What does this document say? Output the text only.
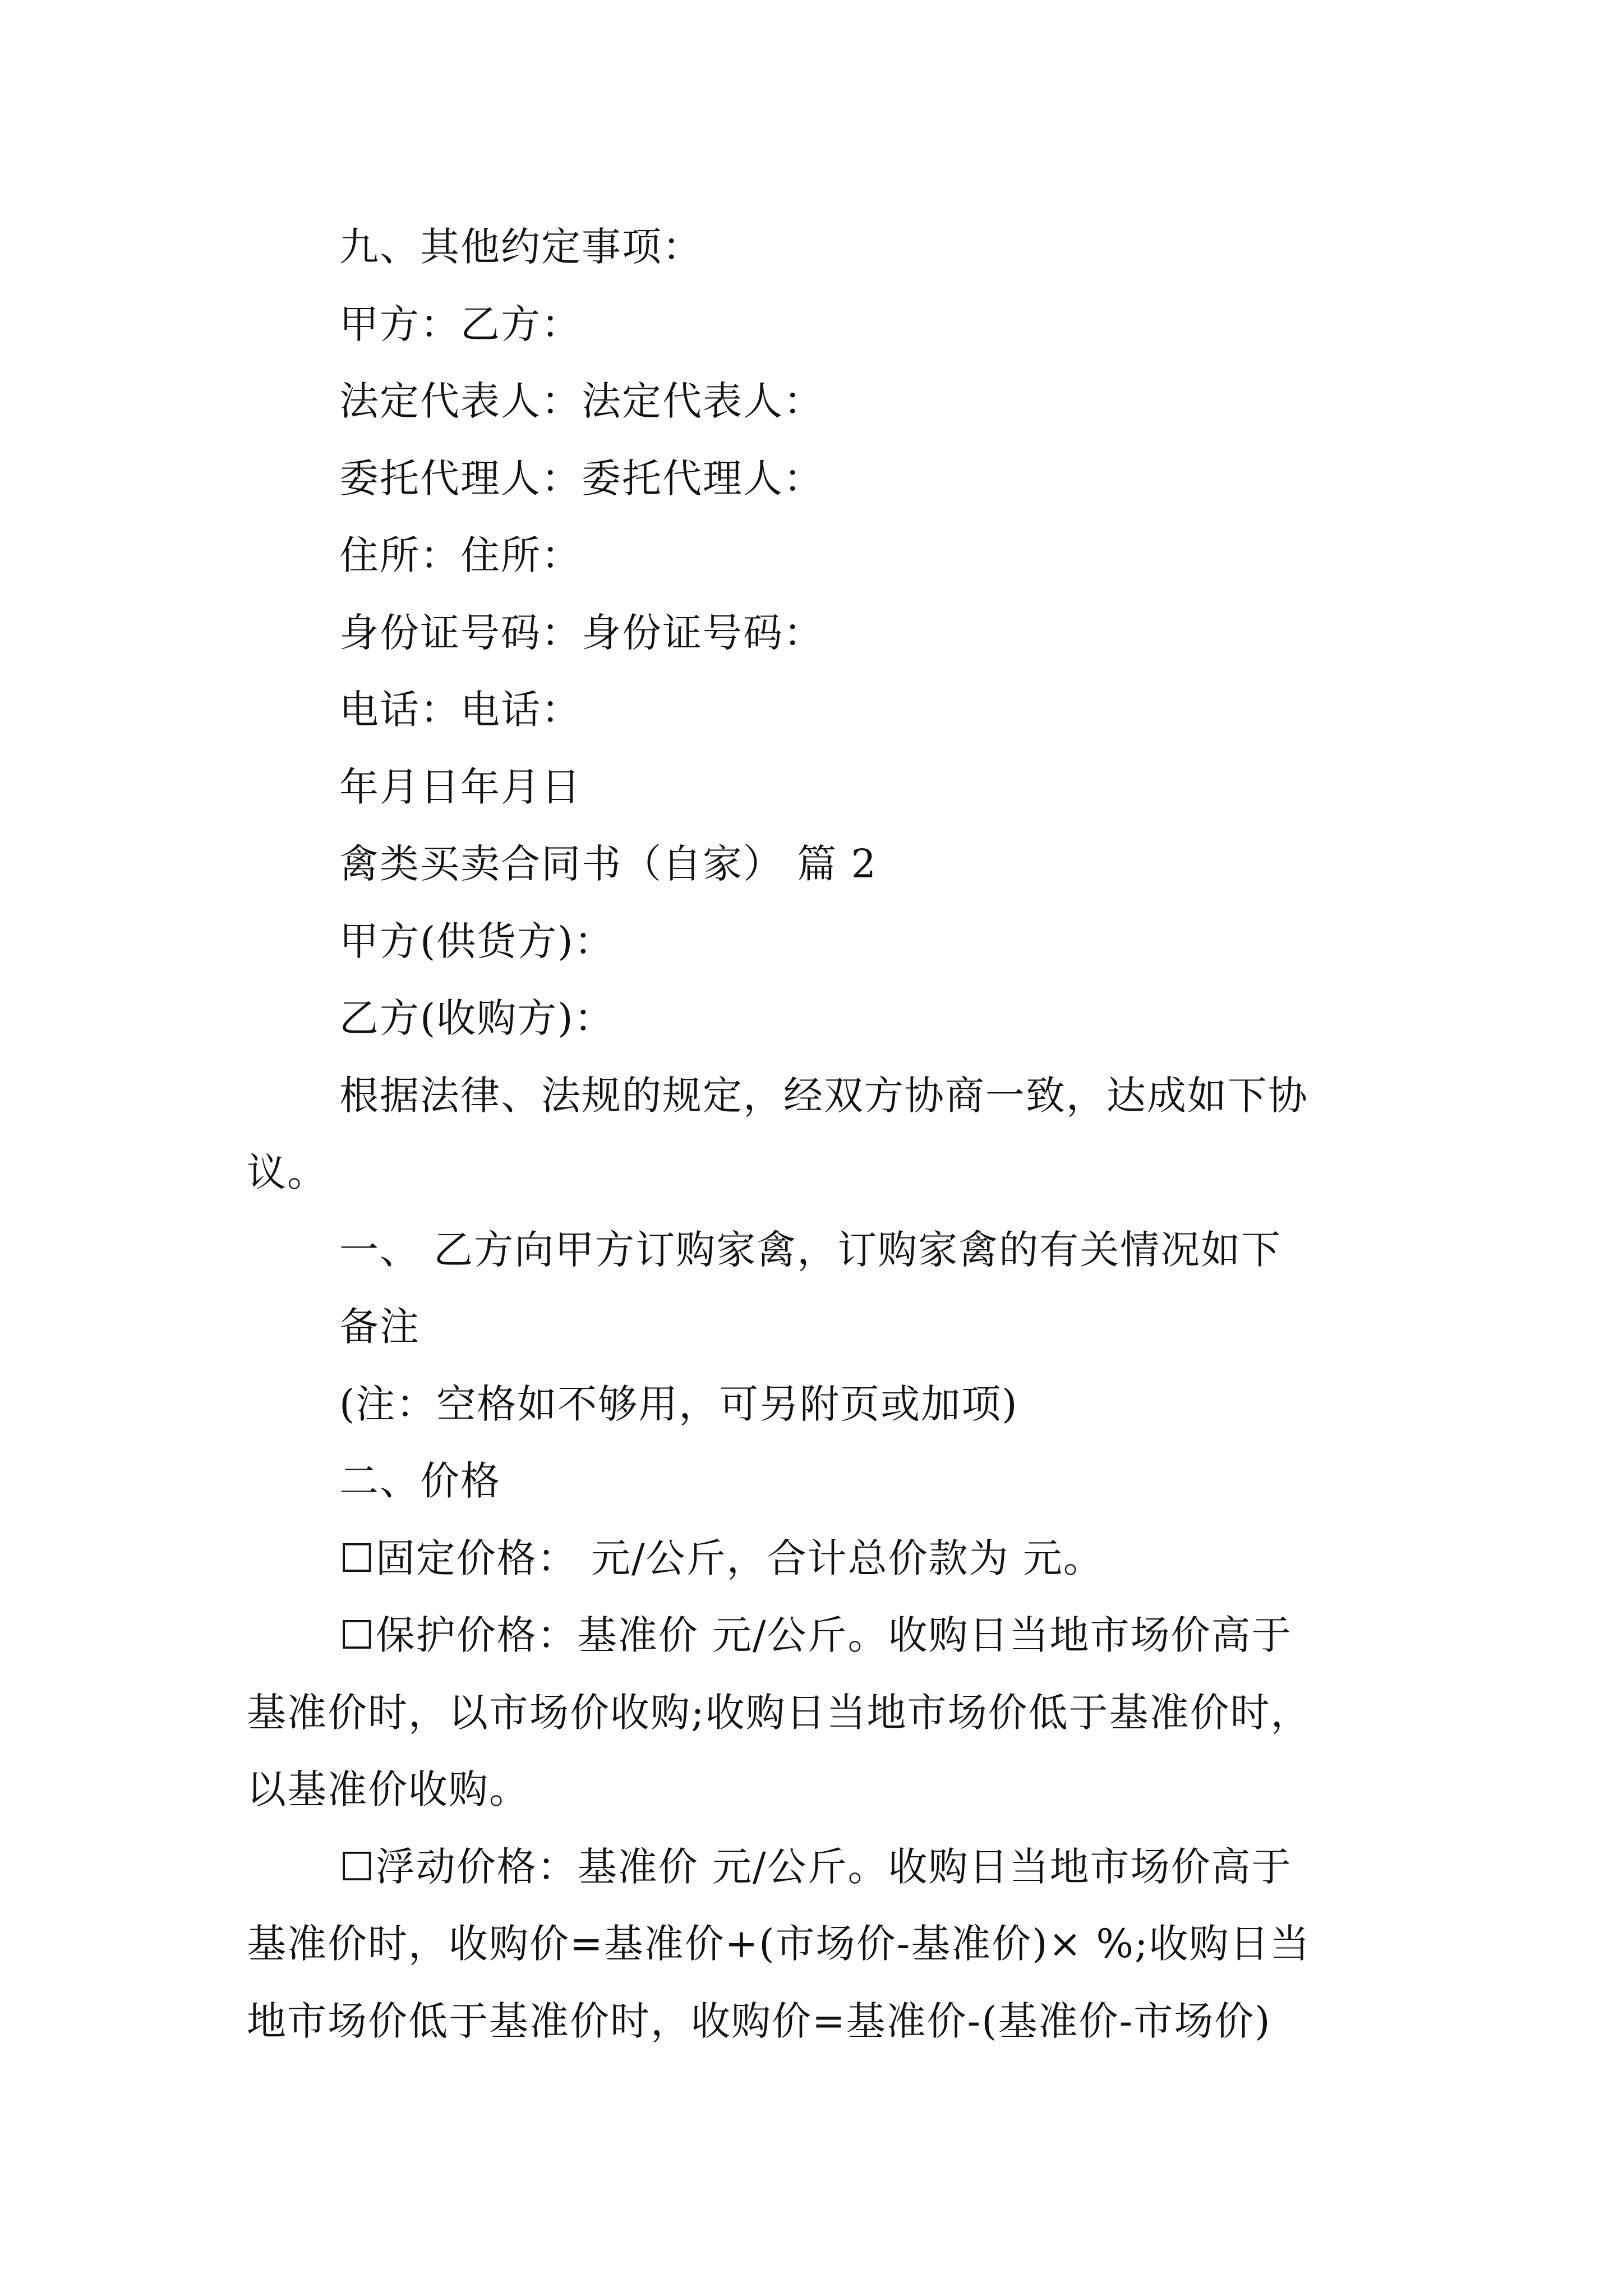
九、其他约定事项：
甲方：乙方：
法定代表人：法定代表人：
委托代理人：委托代理人：
住所：住所：
身份证号码：身份证号码：
电话：电话：
年月日年月日
禽类买卖合同书（自家） 篇 2
甲方(供货方)：
乙方(收购方)：
根据法律、法规的规定，经双方协商一致，达成如下协
议。
一、 乙方向甲方订购家禽，订购家禽的有关情况如下
备注
(注：空格如不够用，可另附页或加项)
二、价格
☐固定价格： 元/公斤，合计总价款为 元。
☐保护价格：基准价 元/公斤。收购日当地市场价高于
基准价时，以市场价收购;收购日当地市场价低于基准价时，
以基准价收购。
☐浮动价格：基准价 元/公斤。收购日当地市场价高于
基准价时，收购价=基准价+(市场价-基准价)× %;收购日当
地市场价低于基准价时，收购价=基准价-(基准价-市场价)
